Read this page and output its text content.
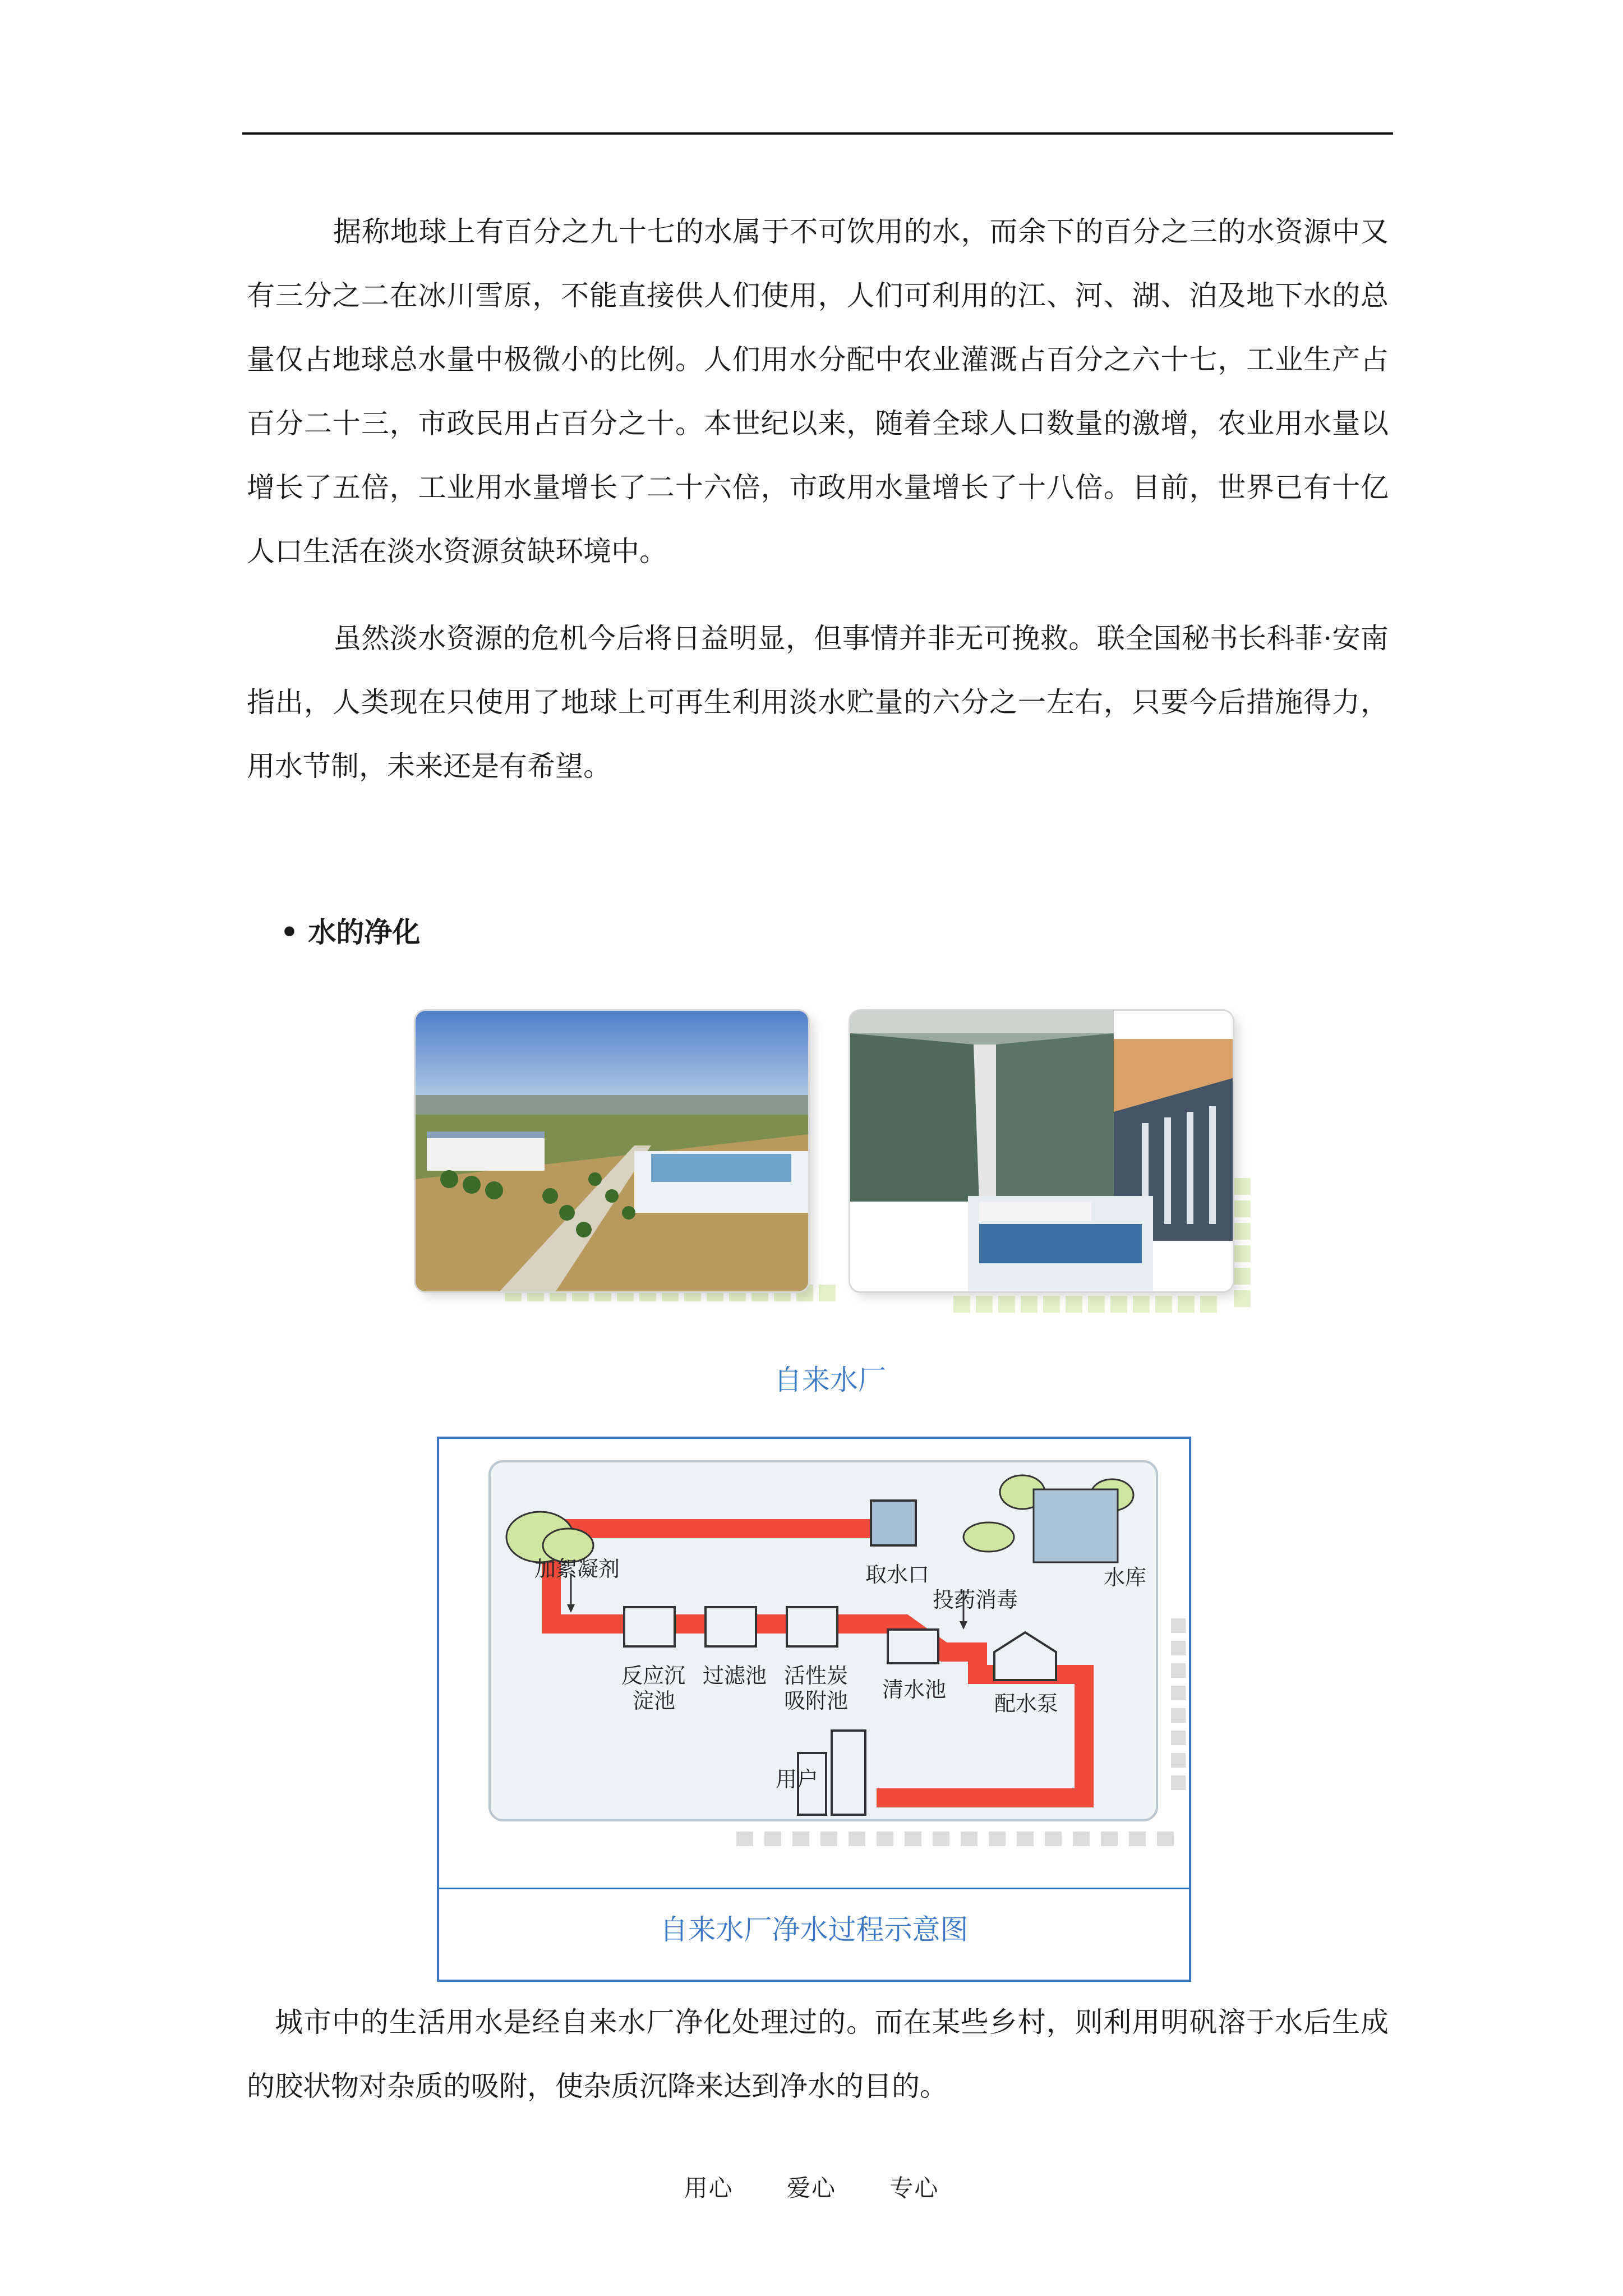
据称地球上有百分之九十七的水属于不可饮用的水，而余下的百分之三的水资源中又有三分之二在冰川雪原，不能直接供人们使用，人们可利用的江、河、湖、泊及地下水的总量仅占地球总水量中极微小的比例。人们用水分配中农业灌溉占百分之六十七，工业生产占百分二十三，市政民用占百分之十。本世纪以来，随着全球人口数量的激增，农业用水量以增长了五倍，工业用水量增长了二十六倍，市政用水量增长了十八倍。目前，世界已有十亿人口生活在淡水资源贫缺环境中。

虽然淡水资源的危机今后将日益明显，但事情并非无可挽救。联全国秘书长科菲·安南指出，人类现在只使用了地球上可再生利用淡水贮量的六分之一左右，只要今后措施得力，用水节制，未来还是有希望。

• 水的净化
自来水厂
水库
取水口
加絮凝剂
投药消毒
反应沉
淀池
过滤池 活性炭
吸附池 清水池
配水泵
用户
自来水厂净水过程示意图

城市中的生活用水是经自来水厂净化处理过的。而在某些乡村，则利用明矾溶于水后生成的胶状物对杂质的吸附，使杂质沉降来达到净水的目的。

用心 爱心 专心
